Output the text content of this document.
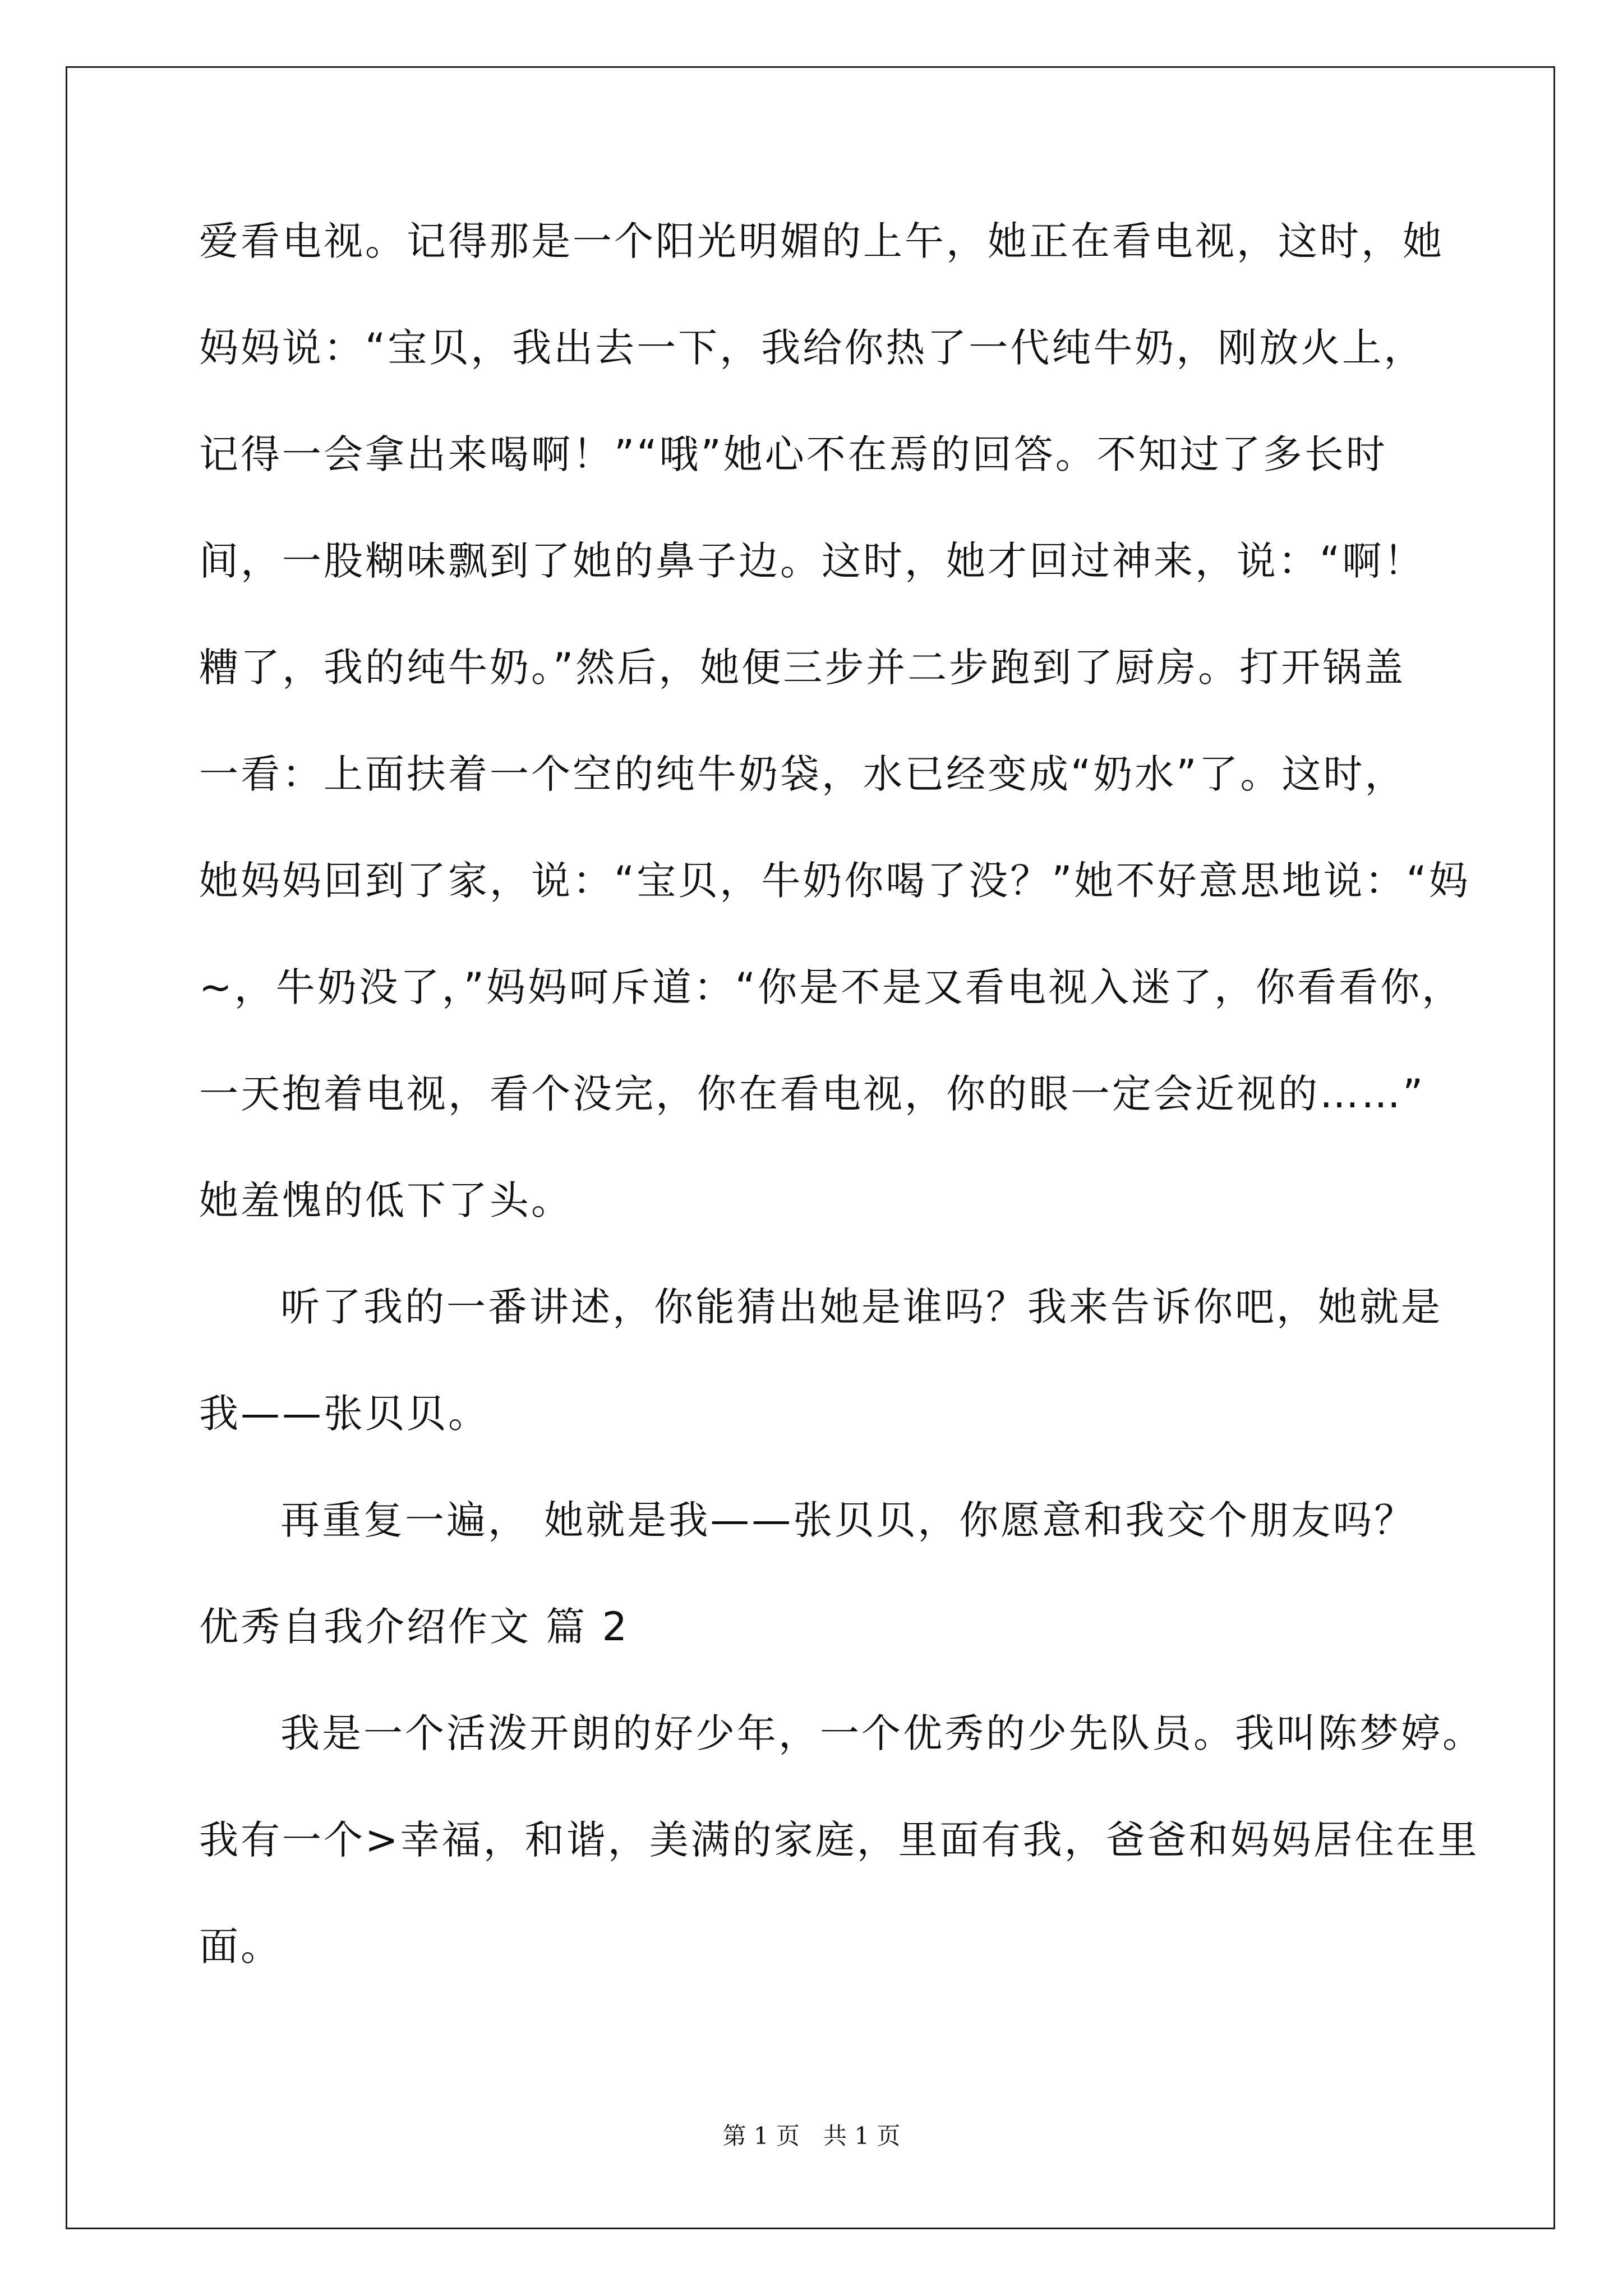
爱看电视。记得那是一个阳光明媚的上午，她正在看电视，这时，她
妈妈说：“宝贝，我出去一下，我给你热了一代纯牛奶，刚放火上，
记得一会拿出来喝啊！”“哦”她心不在焉的回答。不知过了多长时
间，一股糊味飘到了她的鼻子边。这时，她才回过神来，说：“啊！
糟了，我的纯牛奶。”然后，她便三步并二步跑到了厨房。打开锅盖
一看：上面扶着一个空的纯牛奶袋，水已经变成“奶水”了。这时，
她妈妈回到了家，说：“宝贝，牛奶你喝了没？”她不好意思地说：“妈
~，牛奶没了，”妈妈呵斥道：“你是不是又看电视入迷了，你看看你，
一天抱着电视，看个没完，你在看电视，你的眼一定会近视的……”
她羞愧的低下了头。
听了我的一番讲述，你能猜出她是谁吗？我来告诉你吧，她就是
我——张贝贝。
再重复一遍， 她就是我——张贝贝，你愿意和我交个朋友吗？
优秀自我介绍作文 篇 2
我是一个活泼开朗的好少年，一个优秀的少先队员。我叫陈梦婷。
我有一个>幸福，和谐，美满的家庭，里面有我，爸爸和妈妈居住在里
面。
第 1 页　共 1 页
